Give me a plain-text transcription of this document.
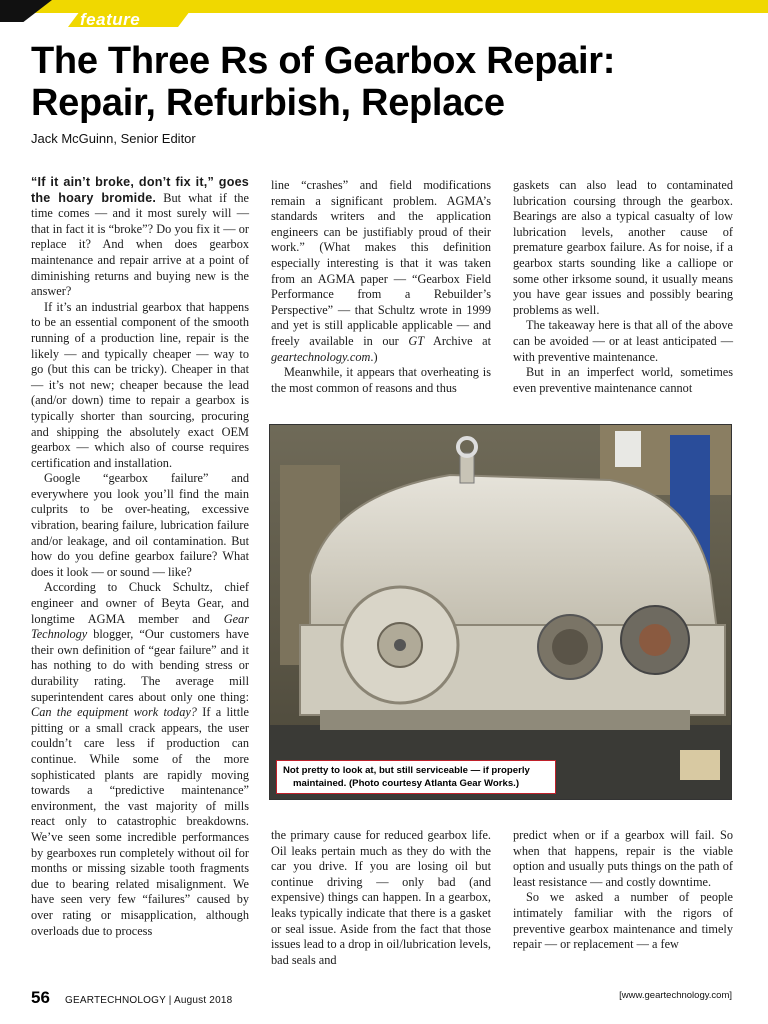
feature
The Three Rs of Gearbox Repair:
Repair, Refurbish, Replace
Jack McGuinn, Senior Editor

“If it ain’t broke, don’t fix it,” goes the hoary bromide. But what if the time comes — and it most surely will — that in fact it is “broke”? Do you fix it — or replace it? And when does gearbox maintenance and repair arrive at a point of diminishing returns and buying new is the answer?

If it’s an industrial gearbox that happens to be an essential component of the smooth running of a production line, repair is the likely — and typically cheaper — way to go (but this can be tricky). Cheaper in that — it’s not new; cheaper because the lead (and/or down) time to repair a gearbox is typically shorter than sourcing, procuring and shipping the absolutely exact OEM gearbox — which also of course requires certification and installation.

Google “gearbox failure” and everywhere you look you’ll find the main culprits to be over-heating, excessive vibration, bearing failure, lubrication failure and/or leakage, and oil contamination. But how do you define gearbox failure? What does it look — or sound — like?

According to Chuck Schultz, chief engineer and owner of Beyta Gear, and longtime AGMA member and Gear Technology blogger, “Our customers have their own definition of “gear failure” and it has nothing to do with bending stress or durability rating. The average mill superintendent cares about only one thing: Can the equipment work today? If a little pitting or a small crack appears, the user couldn’t care less if production can continue. While some of the more sophisticated plants are rapidly moving towards a “predictive maintenance” environment, the vast majority of mills react only to catastrophic breakdowns. We’ve seen some incredible performances by gearboxes run completely without oil for months or missing sizable tooth fragments due to bearing related misalignment. We have seen very few “failures” caused by over rating or misapplication, although overloads due to process

line “crashes” and field modifications remain a significant problem. AGMA’s standards writers and the application engineers can be justifiably proud of their work.” (What makes this definition especially interesting is that it was taken from an AGMA paper — “Gearbox Field Performance from a Rebuilder’s Perspective” — that Schultz wrote in 1999 and yet is still applicable applicable — and freely available in our GT Archive at geartechnology.com.)

Meanwhile, it appears that overheating is the most common of reasons and thus

gaskets can also lead to contaminated lubrication coursing through the gearbox. Bearings are also a typical casualty of low lubrication levels, another cause of premature gearbox failure. As for noise, if a gearbox starts sounding like a calliope or some other irksome sound, it usually means you have gear issues and possibly bearing problems as well.

The takeaway here is that all of the above can be avoided — or at least anticipated — with preventive maintenance.

But in an imperfect world, sometimes even preventive maintenance cannot

Not pretty to look at, but still serviceable — if properly
maintained. (Photo courtesy Atlanta Gear Works.)

the primary cause for reduced gearbox life. Oil leaks pertain much as they do with the car you drive. If you are losing oil but continue driving — only bad (and expensive) things can happen. In a gearbox, leaks typically indicate that there is a gasket or seal issue. Aside from the fact that those issues lead to a drop in oil/lubrication levels, bad seals and

predict when or if a gearbox will fail. So when that happens, repair is the viable option and usually puts things on the path of least resistance — and costly downtime.

So we asked a number of people intimately familiar with the rigors of preventive gearbox maintenance and timely repair — or replacement — a few

56 GEARTECHNOLOGY | August 2018	[www.geartechnology.com]
